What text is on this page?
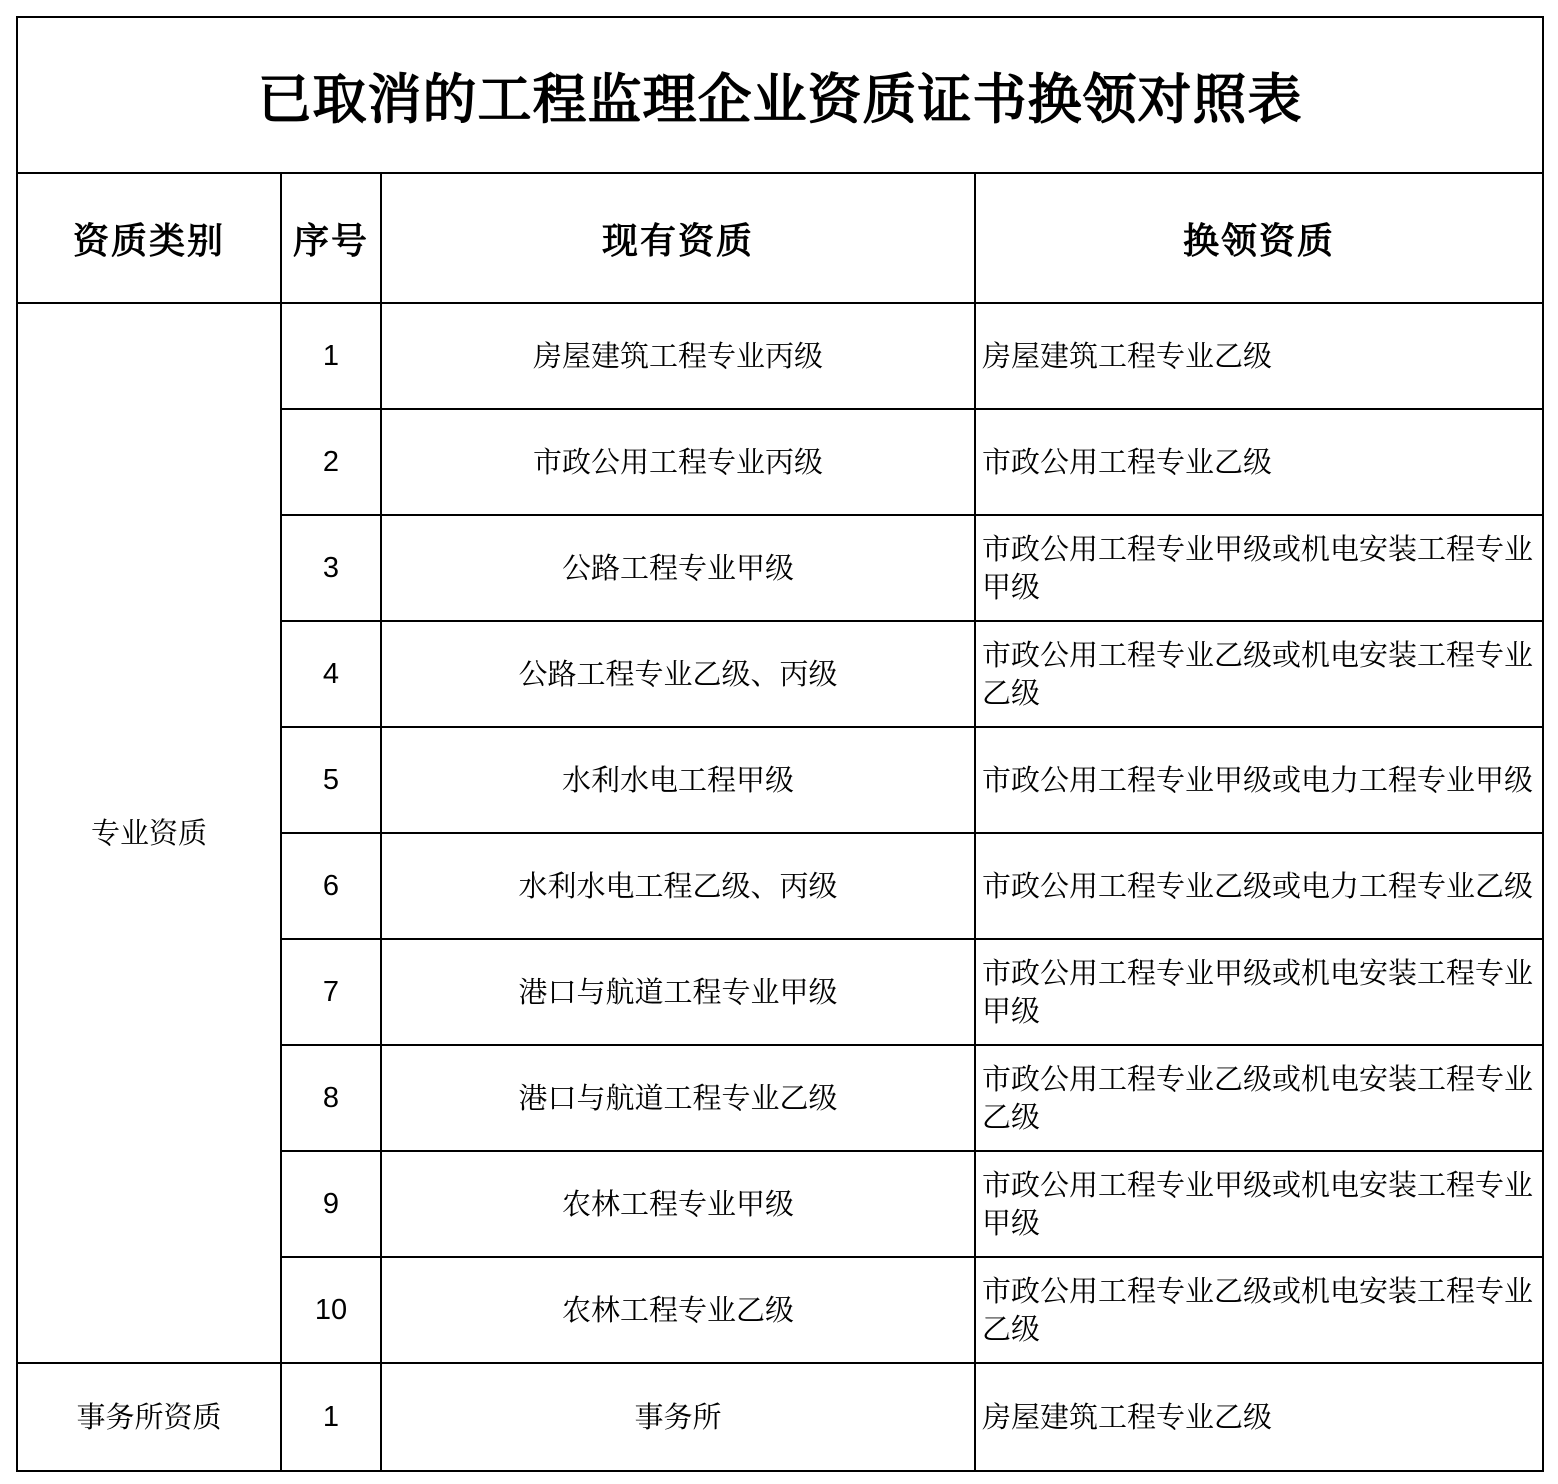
已取消的工程监理企业资质证书换领对照表			
资质类别	序号	现有资质	换领资质
专业资质	1	房屋建筑工程专业丙级	房屋建筑工程专业乙级
	2	市政公用工程专业丙级	市政公用工程专业乙级
	3	公路工程专业甲级	市政公用工程专业甲级或机电安装工程专业甲级
	4	公路工程专业乙级、丙级	市政公用工程专业乙级或机电安装工程专业乙级
	5	水利水电工程甲级	市政公用工程专业甲级或电力工程专业甲级
	6	水利水电工程乙级、丙级	市政公用工程专业乙级或电力工程专业乙级
	7	港口与航道工程专业甲级	市政公用工程专业甲级或机电安装工程专业甲级
	8	港口与航道工程专业乙级	市政公用工程专业乙级或机电安装工程专业乙级
	9	农林工程专业甲级	市政公用工程专业甲级或机电安装工程专业甲级
	10	农林工程专业乙级	市政公用工程专业乙级或机电安装工程专业乙级
事务所资质	1	事务所	房屋建筑工程专业乙级
